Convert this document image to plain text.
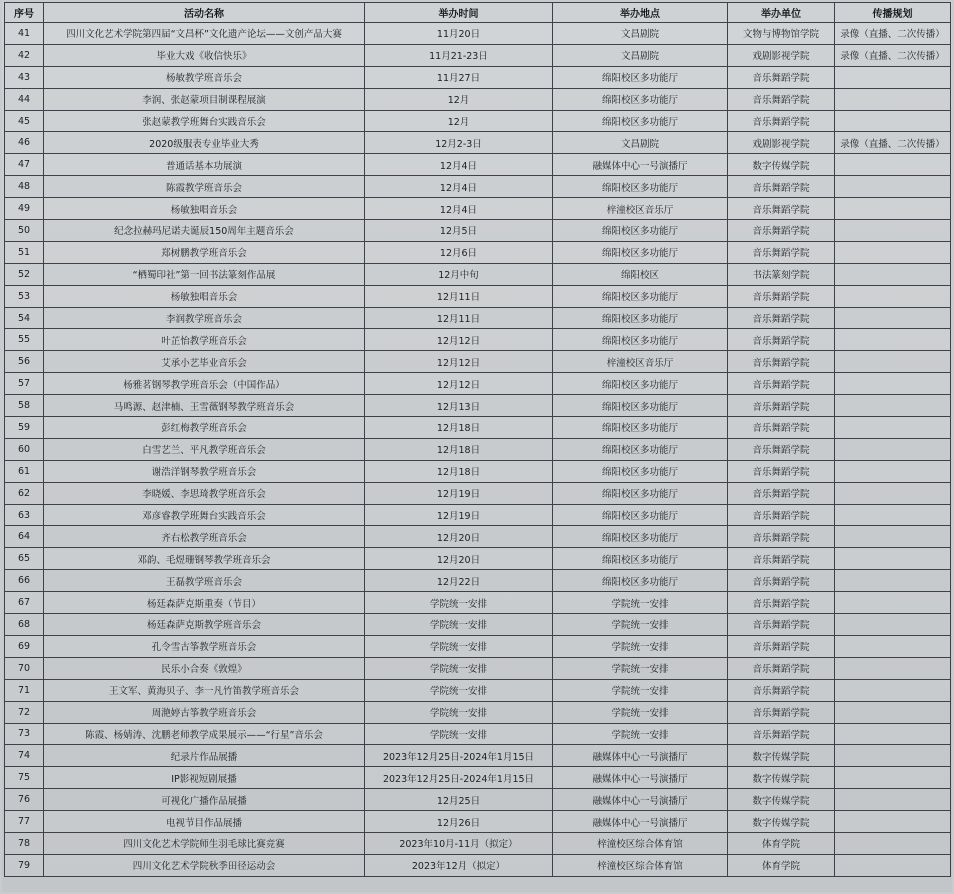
序号	活动名称	举办时间	举办地点	举办单位	传播规划
41	四川文化艺术学院第四届“文昌杯”文化遗产论坛——文创产品大赛	11月20日	文昌剧院	文物与博物馆学院	录像（直播、二次传播）
42	毕业大戏《收信快乐》	11月21-23日	文昌剧院	戏剧影视学院	录像（直播、二次传播）
43	杨敏教学班音乐会	11月27日	绵阳校区多功能厅	音乐舞蹈学院	
44	李润、张赵蒙项目制课程展演	12月	绵阳校区多功能厅	音乐舞蹈学院	
45	张赵蒙教学班舞台实践音乐会	12月	绵阳校区多功能厅	音乐舞蹈学院	
46	2020级服表专业毕业大秀	12月2-3日	文昌剧院	戏剧影视学院	录像（直播、二次传播）
47	普通话基本功展演	12月4日	融媒体中心一号演播厅	数字传媒学院	
48	陈霞教学班音乐会	12月4日	绵阳校区多功能厅	音乐舞蹈学院	
49	杨敏独唱音乐会	12月4日	梓潼校区音乐厅	音乐舞蹈学院	
50	纪念拉赫玛尼诺夫诞辰150周年主题音乐会	12月5日	绵阳校区多功能厅	音乐舞蹈学院	
51	郑树鹏教学班音乐会	12月6日	绵阳校区多功能厅	音乐舞蹈学院	
52	“栖蜀印社”第一回书法篆刻作品展	12月中旬	绵阳校区	书法篆刻学院	
53	杨敏独唱音乐会	12月11日	绵阳校区多功能厅	音乐舞蹈学院	
54	李润教学班音乐会	12月11日	绵阳校区多功能厅	音乐舞蹈学院	
55	叶芷怡教学班音乐会	12月12日	绵阳校区多功能厅	音乐舞蹈学院	
56	艾承小艺毕业音乐会	12月12日	梓潼校区音乐厅	音乐舞蹈学院	
57	杨雅茗钢琴教学班音乐会（中国作品）	12月12日	绵阳校区多功能厅	音乐舞蹈学院	
58	马鸣源、赵津楠、王雪薇钢琴教学班音乐会	12月13日	绵阳校区多功能厅	音乐舞蹈学院	
59	彭红梅教学班音乐会	12月18日	绵阳校区多功能厅	音乐舞蹈学院	
60	白雪艺兰、平凡教学班音乐会	12月18日	绵阳校区多功能厅	音乐舞蹈学院	
61	谢浩洋钢琴教学班音乐会	12月18日	绵阳校区多功能厅	音乐舞蹈学院	
62	李晓媛、李思琦教学班音乐会	12月19日	绵阳校区多功能厅	音乐舞蹈学院	
63	邓彦睿教学班舞台实践音乐会	12月19日	绵阳校区多功能厅	音乐舞蹈学院	
64	齐右松教学班音乐会	12月20日	绵阳校区多功能厅	音乐舞蹈学院	
65	邓韵、毛煜珊钢琴教学班音乐会	12月20日	绵阳校区多功能厅	音乐舞蹈学院	
66	王磊教学班音乐会	12月22日	绵阳校区多功能厅	音乐舞蹈学院	
67	杨廷森萨克斯重奏（节目）	学院统一安排	学院统一安排	音乐舞蹈学院	
68	杨廷森萨克斯教学班音乐会	学院统一安排	学院统一安排	音乐舞蹈学院	
69	孔令雪古筝教学班音乐会	学院统一安排	学院统一安排	音乐舞蹈学院	
70	民乐小合奏《敦煌》	学院统一安排	学院统一安排	音乐舞蹈学院	
71	王文军、黄海贝子、李一凡竹笛教学班音乐会	学院统一安排	学院统一安排	音乐舞蹈学院	
72	周滟婷古筝教学班音乐会	学院统一安排	学院统一安排	音乐舞蹈学院	
73	陈霞、杨婧涛、沈鹏老师教学成果展示——“行星”音乐会	学院统一安排	学院统一安排	音乐舞蹈学院	
74	纪录片作品展播	2023年12月25日-2024年1月15日	融媒体中心一号演播厅	数字传媒学院	
75	IP影视短剧展播	2023年12月25日-2024年1月15日	融媒体中心一号演播厅	数字传媒学院	
76	可视化广播作品展播	12月25日	融媒体中心一号演播厅	数字传媒学院	
77	电视节目作品展播	12月26日	融媒体中心一号演播厅	数字传媒学院	
78	四川文化艺术学院师生羽毛球比赛竞赛	2023年10月-11月（拟定）	梓潼校区综合体育馆	体育学院	
79	四川文化艺术学院秋季田径运动会	2023年12月（拟定）	梓潼校区综合体育馆	体育学院	
